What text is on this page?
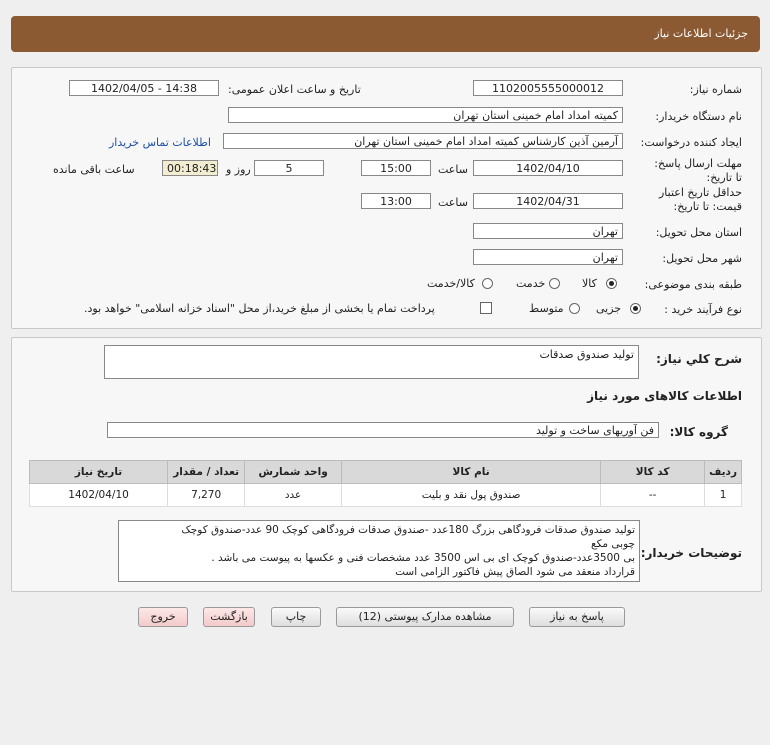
جزئیات اطلاعات نیاز
شماره نیاز:
1102005555000012
تاریخ و ساعت اعلان عمومی:
1402/04/05 - 14:38
نام دستگاه خریدار:
کمیته امداد امام خمینی استان تهران
ایجاد کننده درخواست:
آرمین آذین کارشناس کمیته امداد امام خمینی استان تهران
اطلاعات تماس خریدار
مهلت ارسال پاسخ: تا تاریخ:
1402/04/10
ساعت
15:00
5
روز و
00:18:43
ساعت باقی مانده
حداقل تاریخ اعتبار قیمت: تا تاریخ:
1402/04/31
ساعت
13:00
استان محل تحویل:
تهران
شهر محل تحویل:
تهران
طبقه بندی موضوعی:
کالا
خدمت
کالا/خدمت
نوع فرآیند خرید :
جزیی
متوسط
پرداخت تمام یا بخشی از مبلغ خرید،از محل "اسناد خزانه اسلامی" خواهد بود.
شرح کلي نیاز:
تولید صندوق صدقات
اطلاعات کالاهای مورد نیاز
گروه کالا:
فن آوریهای ساخت و تولید
ردیف	کد کالا	نام کالا	واحد شمارش	تعداد / مقدار	تاریخ نیاز
1	--	صندوق پول نقد و بلیت	عدد	7,270	1402/04/10
توضیحات خریدار:
تولید صندوق صدقات فرودگاهی بزرگ 180عدد -صندوق صدقات فرودگاهی کوچک 90 عدد-صندوق کوچک
چوبی مکع
بی 3500عدد-صندوق کوچک ای بی اس 3500 عدد مشخصات فنی و عکسها به پیوست می باشد .
قرارداد منعقد می شود الصاق پیش فاکتور الزامی است
پاسخ به نیاز
مشاهده مدارک پیوستی (12)
چاپ
بازگشت
خروج
